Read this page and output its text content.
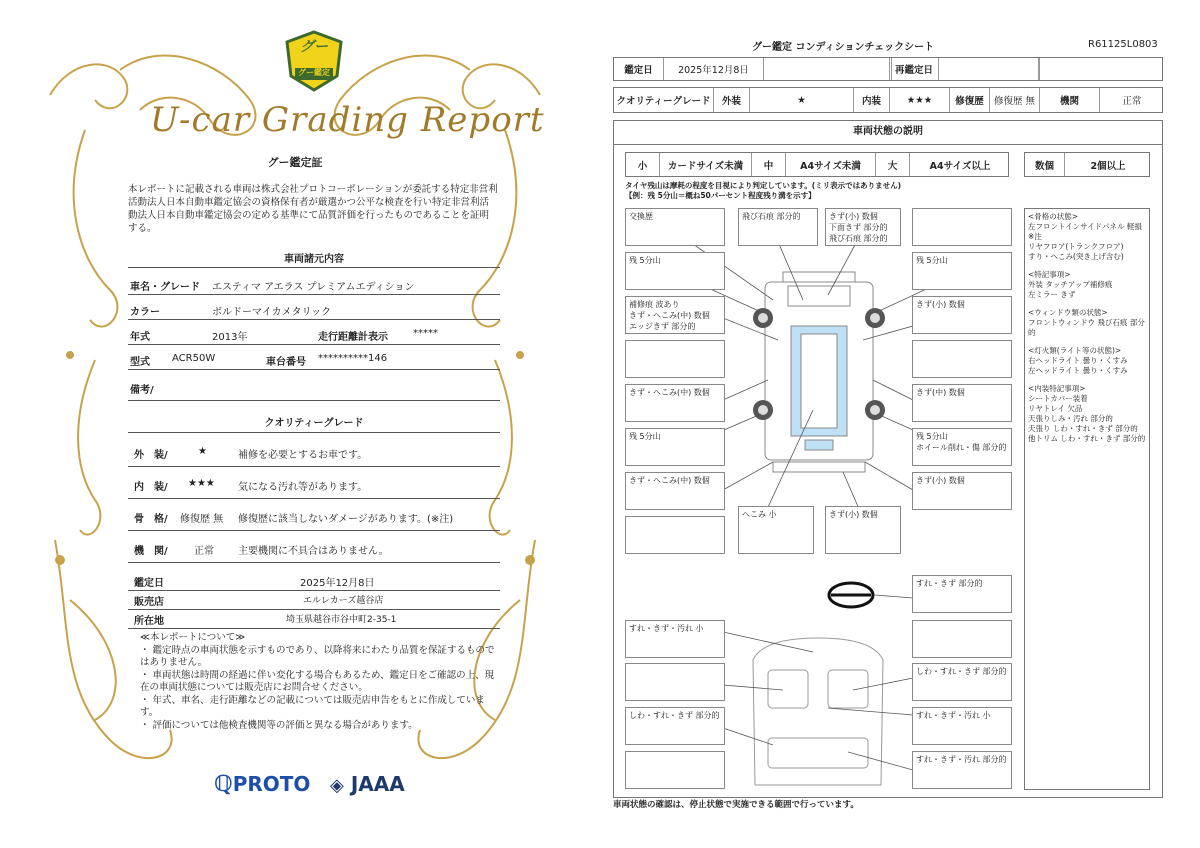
グー
グー鑑定
U-car Grading Report
グー鑑定証
本レポートに記載される車両は株式会社プロトコーポレーションが委託する特定非営利活動法人日本自動車鑑定協会の資格保有者が厳選かつ公平な検査を行い特定非営利活動法人日本自動車鑑定協会の定める基準にて品質評価を行ったものであることを証明する。
車両諸元内容
車名・グレード エスティマ アエラス プレミアムエディション
カラー	ボルドーマイカメタリック
年式	2013年	走行距離計表示	*****
型式 ACR50W	車台番号 **********146
備考/
クオリティーグレード
外　装/	★	補修を必要とするお車です。
内　装/ ★★★ 気になる汚れ等があります。
骨　格/ 修復歴 無 修復歴に該当しないダメージがあります。(※注)
機　関/	正常 主要機関に不具合はありません。
鑑定日	2025年12月8日
販売店	エルレカーズ越谷店
所在地	埼玉県越谷市谷中町2-35-1
≪本レポートについて≫
・ 鑑定時点の車両状態を示すものであり、以降将来にわたり品質を保証するものではありません。
・ 車両状態は時間の経過に伴い変化する場合もあるため、鑑定日をご確認の上、現在の車両状態については販売店にお問合せください。
・ 年式、車名、走行距離などの記載については販売店申告をもとに作成しています。
・ 評価については他検査機関等の評価と異なる場合があります。
ℚPROTO ◈ JAAA
グー鑑定 コンディションチェックシート	R61125L0803
鑑定日	2025年12月8日	再鑑定日
クオリティーグレード	外装	★	内装	★★★	修復歴	修復歴 無	機関	正常
車両状態の説明
小	カードサイズ未満	中	A4サイズ未満	大	A4サイズ以上	数個	2個以上
タイヤ残山は摩耗の程度を目視により判定しています。(ミリ表示ではありません)
【例：残 5分山＝概ね50パーセント程度残り溝を示す】
交換歴	飛び石痕 部分的	きず(小) 数個
下面きず 部分的
飛び石痕 部分的
残 5分山	残 5分山
補修痕 波あり
きず・へこみ(中) 数個
エッジきず 部分的
きず(小) 数個
きず・へこみ(中) 数個	きず(中) 数個
残 5分山	残 5分山
ホイール削れ・傷 部分的
きず・へこみ(中) 数個	きず(小) 数個
へこみ 小	きず(小) 数個
すれ・きず 部分的
すれ・きず・汚れ 小
しわ・すれ・きず 部分的
しわ・すれ・きず 部分的	すれ・きず・汚れ 小
すれ・きず・汚れ 部分的
<骨格の状態>
左フロントインサイドパネル 軽損
※注
リヤフロア(トランクフロア)
すり・へこみ(突き上げ含む)
<特記事項>
外装 タッチアップ補修痕
左ミラー きず
<ウィンドウ類の状態>
フロントウィンドウ 飛び石痕 部分的
<灯火類(ライト等の状態)>
右ヘッドライト 曇り・くすみ
左ヘッドライト 曇り・くすみ
<内装特記事項>
シートカバー装着
リヤトレイ 欠品
天張りしみ・汚れ 部分的
天張り しわ・すれ・きず 部分的
他トリム しわ・すれ・きず 部分的
車両状態の確認は、停止状態で実施できる範囲で行っています。
